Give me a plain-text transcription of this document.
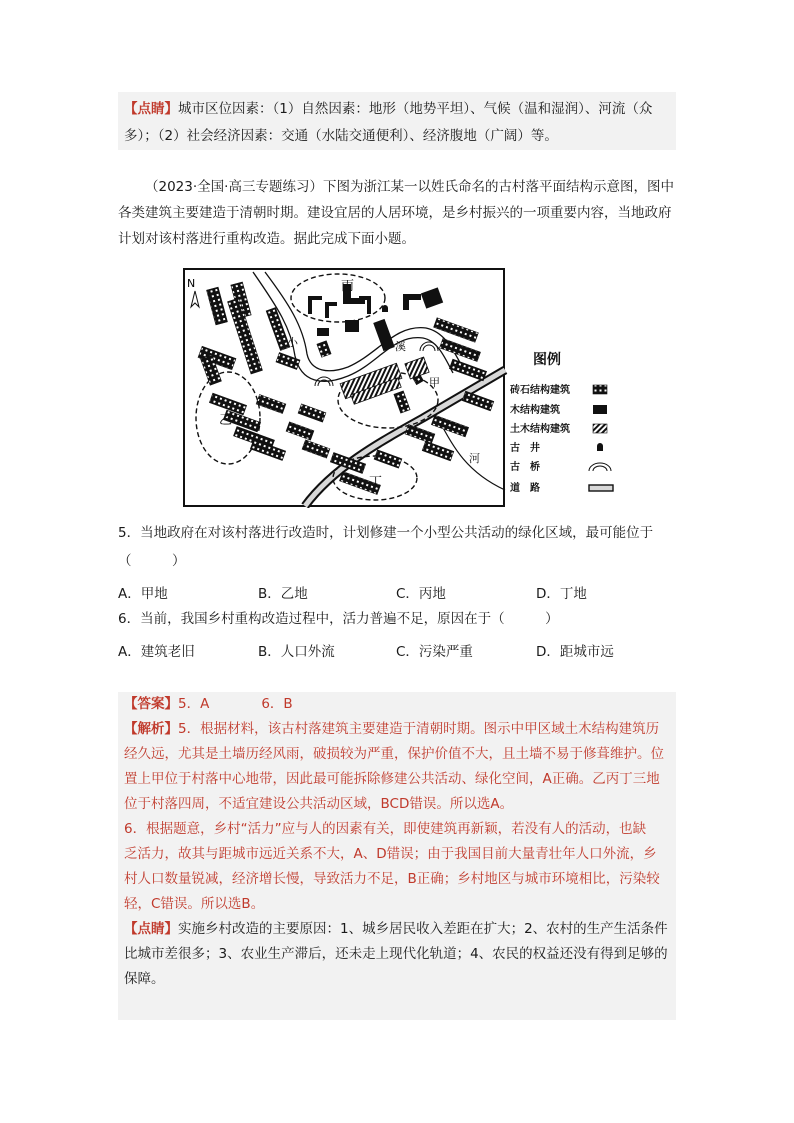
【点睛】城市区位因素：（1）自然因素：地形（地势平坦）、气候（温和湿润）、河流（众多）；（2）社会经济因素：交通（水陆交通便利）、经济腹地（广阔）等。

（2023·全国·高三专题练习）下图为浙江某一以姓氏命名的古村落平面结构示意图，图中各类建筑主要建造于清朝时期。建设宜居的人居环境，是乡村振兴的一项重要内容，当地政府计划对该村落进行重构改造。据此完成下面小题。

N	丙
乙
甲
丁
小	溪
河
图例
砖石结构建筑
木结构建筑
土木结构建筑
古　井
古　桥
道　路

5．当地政府在对该村落进行改造时，计划修建一个小型公共活动的绿化区域，最可能位于

（　　　）

A．甲地	B．乙地	C．丙地	D．丁地

6．当前，我国乡村重构改造过程中，活力普遍不足，原因在于（　　　）

A．建筑老旧	B．人口外流	C．污染严重	D．距城市远

【答案】5．A	6．B

【解析】5．根据材料，该古村落建筑主要建造于清朝时期。图示中甲区域土木结构建筑历

经久远，尤其是土墙历经风雨，破损较为严重，保护价值不大，且土墙不易于修葺维护。位

置上甲位于村落中心地带，因此最可能拆除修建公共活动、绿化空间，A正确。乙丙丁三地

位于村落四周，不适宜建设公共活动区域，BCD错误。所以选A。

6．根据题意，乡村“活力”应与人的因素有关，即使建筑再新颖，若没有人的活动，也缺

乏活力，故其与距城市远近关系不大，A、D错误；由于我国目前大量青壮年人口外流，乡

村人口数量锐减，经济增长慢，导致活力不足，B正确；乡村地区与城市环境相比，污染较

轻，C错误。所以选B。

【点睛】实施乡村改造的主要原因：1、城乡居民收入差距在扩大；2、农村的生产生活条件

比城市差很多；3、农业生产滞后，还未走上现代化轨道；4、农民的权益还没有得到足够的

保障。
